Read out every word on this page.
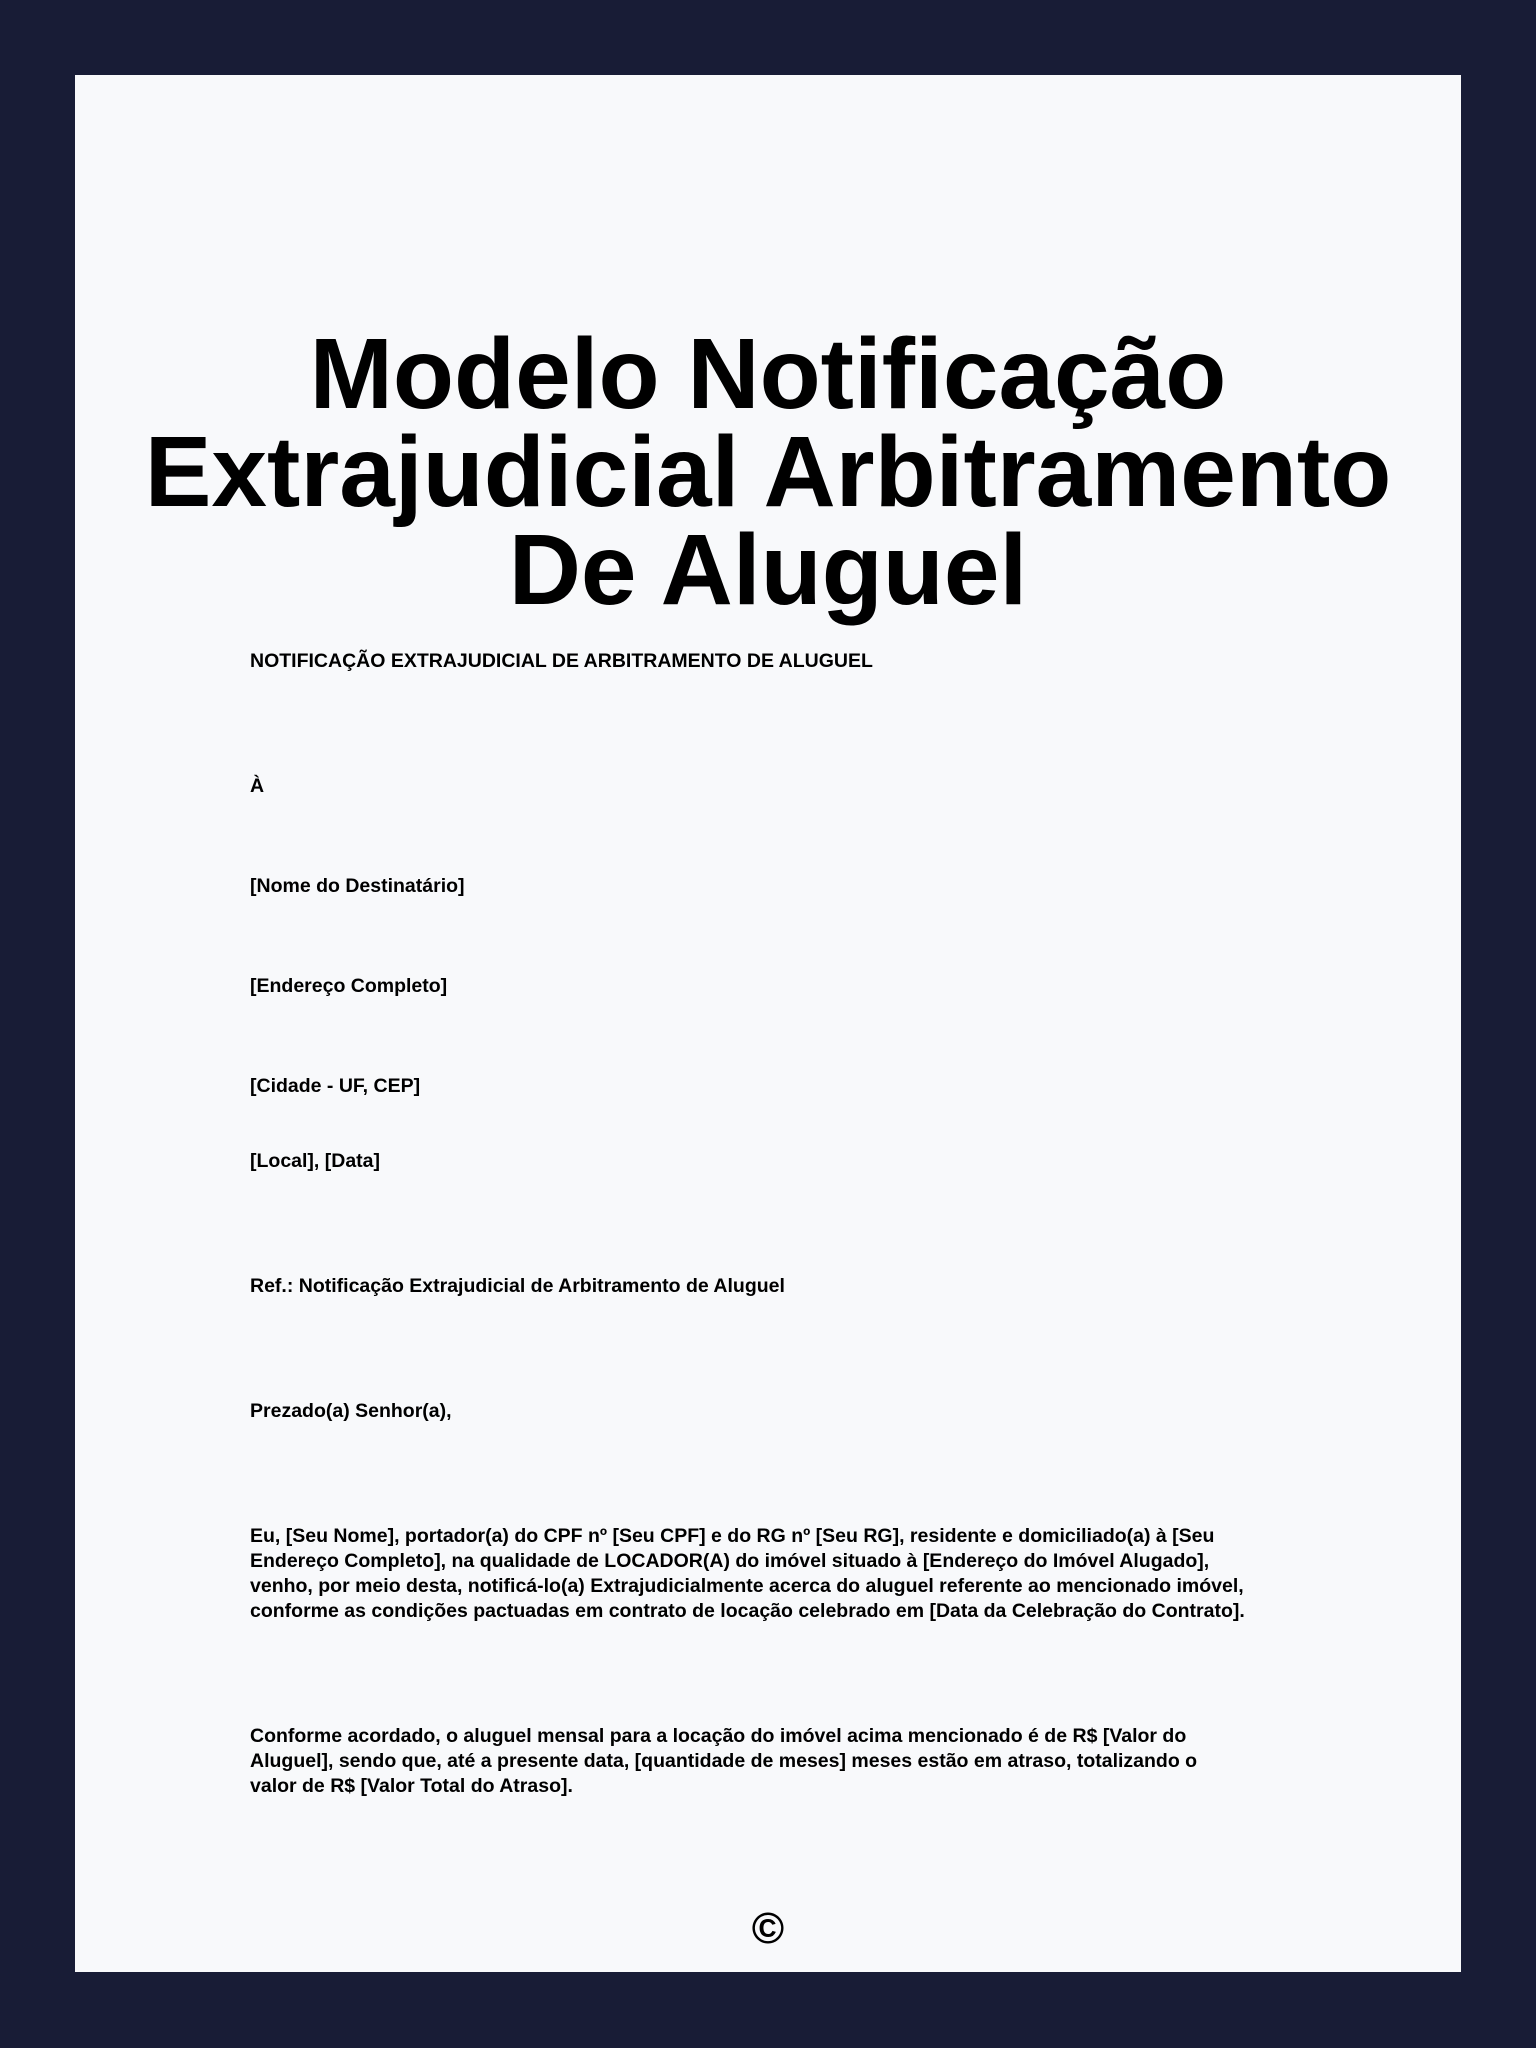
Modelo Notificação
Extrajudicial Arbitramento
De Aluguel

NOTIFICAÇÃO EXTRAJUDICIAL DE ARBITRAMENTO DE ALUGUEL

À

[Nome do Destinatário]

[Endereço Completo]

[Cidade - UF, CEP]

[Local], [Data]

Ref.: Notificação Extrajudicial de Arbitramento de Aluguel

Prezado(a) Senhor(a),

Eu, [Seu Nome], portador(a) do CPF nº [Seu CPF] e do RG nº [Seu RG], residente e domiciliado(a) à [Seu
Endereço Completo], na qualidade de LOCADOR(A) do imóvel situado à [Endereço do Imóvel Alugado],
venho, por meio desta, notificá-lo(a) Extrajudicialmente acerca do aluguel referente ao mencionado imóvel,
conforme as condições pactuadas em contrato de locação celebrado em [Data da Celebração do Contrato].

Conforme acordado, o aluguel mensal para a locação do imóvel acima mencionado é de R$ [Valor do
Aluguel], sendo que, até a presente data, [quantidade de meses] meses estão em atraso, totalizando o
valor de R$ [Valor Total do Atraso].

©
